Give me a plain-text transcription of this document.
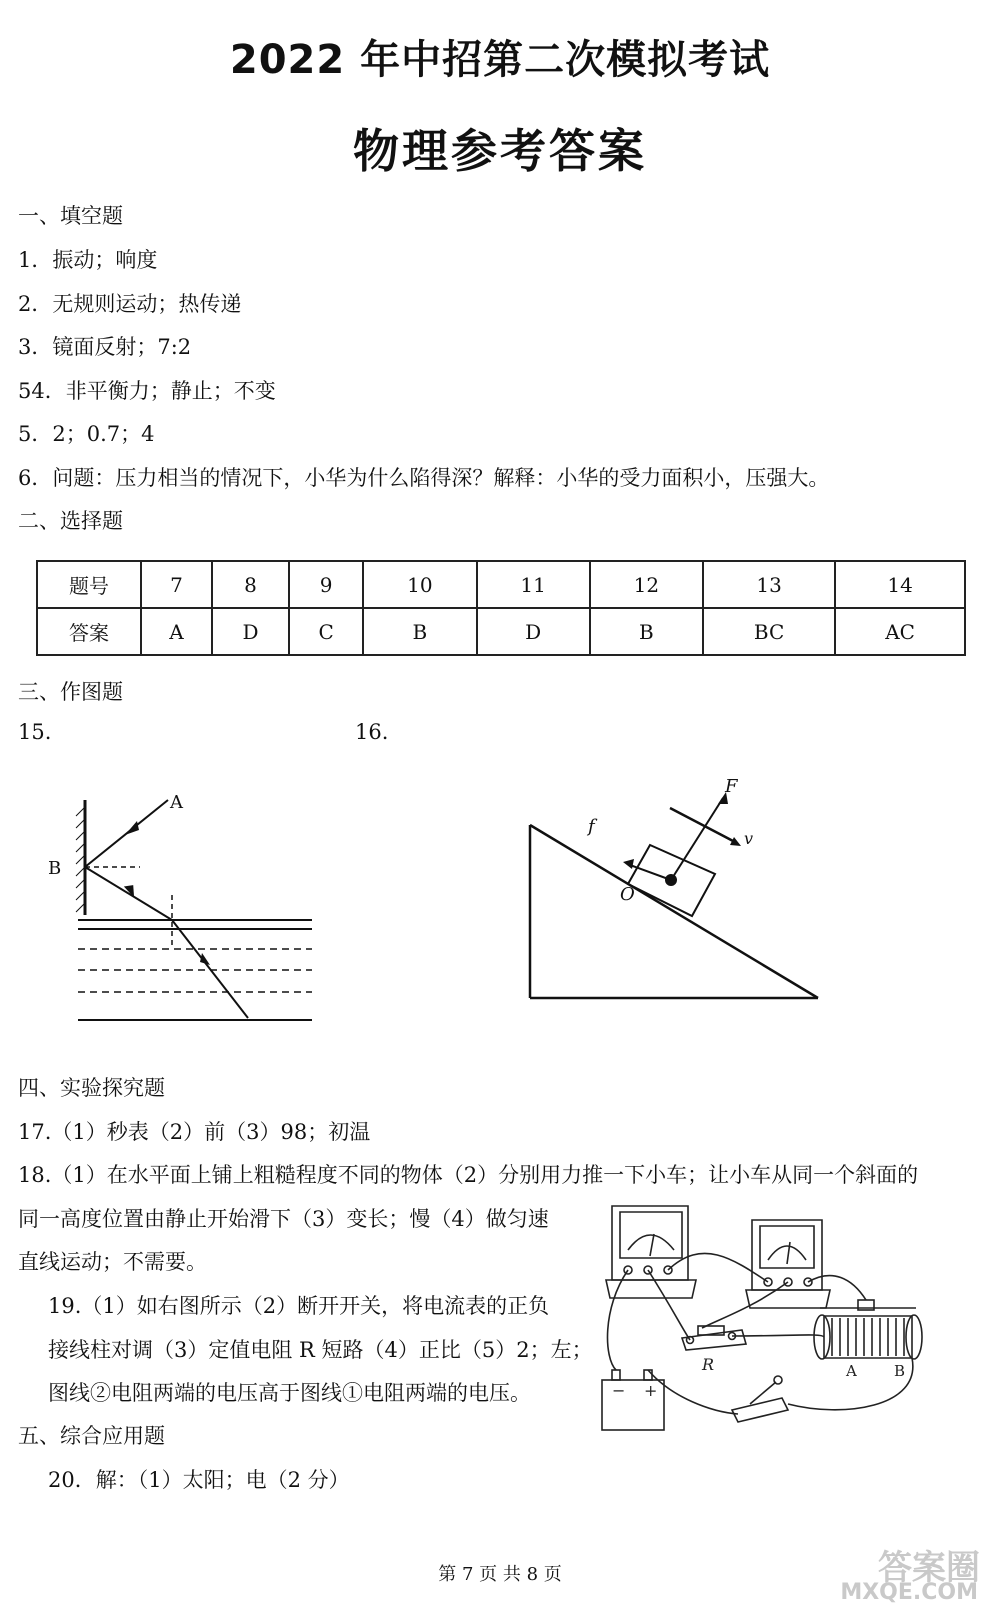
2022 年中招第二次模拟考试
物理参考答案
一、填空题
1．振动；响度
2．无规则运动；热传递
3．镜面反射；7:2
54．非平衡力；静止；不变
5．2；0.7；4
6．问题：压力相当的情况下，小华为什么陷得深？解释：小华的受力面积小，压强大。
二、选择题
题号	7	8	9	10	11	12	13	14
答案	A	D	C	B	D	B	BC	AC
三、作图题
15.	16.
A
B
F
f
v
O
四、实验探究题
17.（1）秒表（2）前（3）98；初温
18.（1）在水平面上铺上粗糙程度不同的物体（2）分别用力推一下小车；让小车从同一个斜面的
同一高度位置由静止开始滑下（3）变长；慢（4）做匀速
直线运动；不需要。
19.（1）如右图所示（2）断开开关，将电流表的正负
接线柱对调（3）定值电阻 R 短路（4）正比（5）2；左；
图线②电阻两端的电压高于图线①电阻两端的电压。
R	A B
− +
五、综合应用题
20．解：（1）太阳；电（2 分）
第 7 页 共 8 页	答案圈
MXQE.COM
